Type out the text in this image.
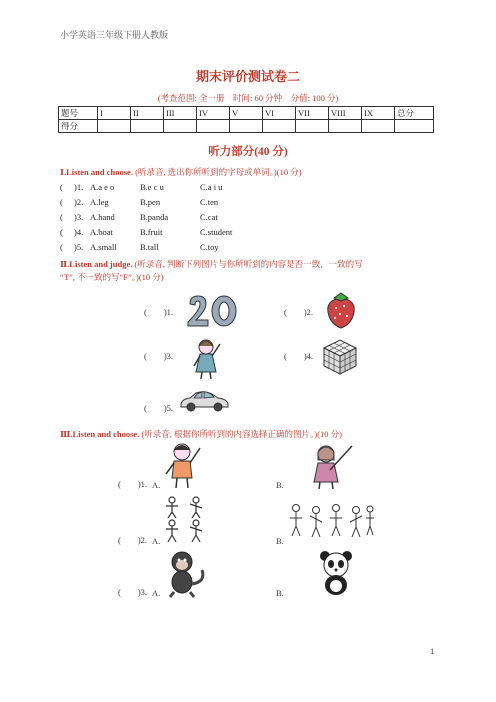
小学英语三年级下册人教版
期末评价测试卷二
(考查范围: 全一册　时间: 60 分钟　分值: 100 分)
题号	I	II	III	IV	V	VI	VII	VIII	IX	总分
得分										
听力部分(40 分)
Ⅰ.Listen and choose. (听录音, 选出你所听到的字母或单词。)(10 分)
( )1. A.a e o	B.e c u	C.a i u
( )2. A.leg	B.pen	C.ten
( )3. A.hand	B.panda	C.cat
( )4. A.boat	B.fruit	C.student
( )5. A.small	B.tall	C.toy
Ⅱ.Listen and judge. (听录音, 判断下列图片与你所听到的内容是否一致，一致的写
“T”, 不一致的写“F”。)(10 分)
(　　)1.	(　　)2.
(　　)3.	(　　)4.
(　　)5.
Ⅲ.Listen and choose. (听录音, 根据你所听到的内容选择正确的图片。)(10 分)
(　　)1. A.	B.
(　　)2. A.	B.
(　　)3. A.	B.
1
